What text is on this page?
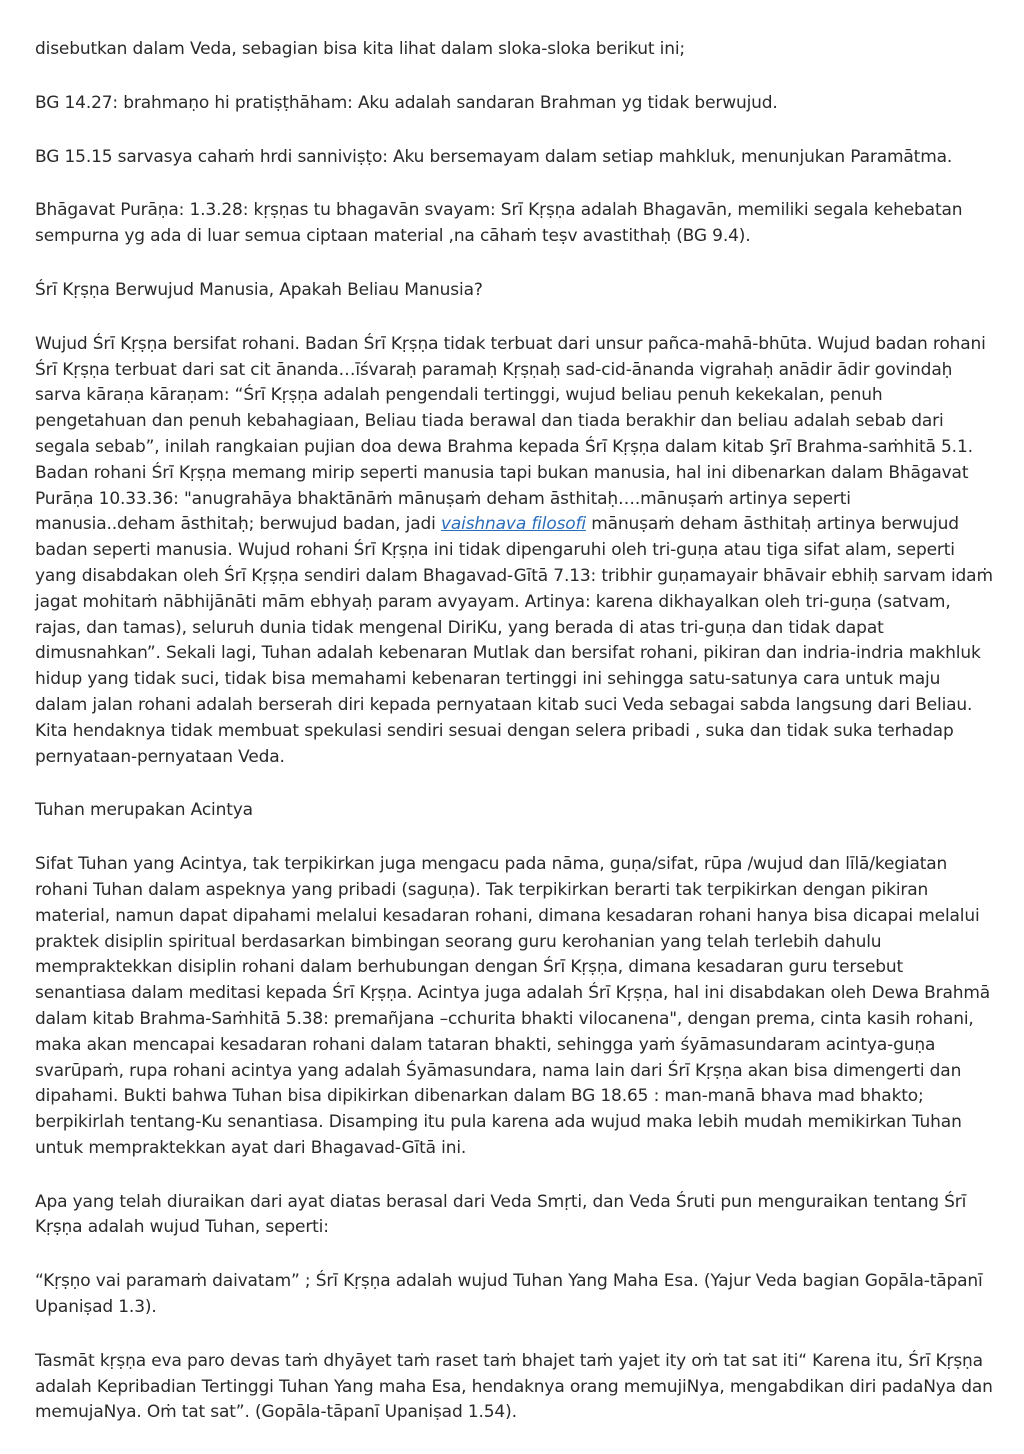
disebutkan dalam Veda, sebagian bisa kita lihat dalam sloka-sloka berikut ini;

BG 14.27: brahmaṇo hi pratiṣṭhāham: Aku adalah sandaran Brahman yg tidak berwujud.

BG 15.15 sarvasya cahaṁ hrdi sanniviṣṭo: Aku bersemayam dalam setiap mahkluk, menunjukan Paramātma.

Bhāgavat Purāṇa: 1.3.28: kṛṣṇas tu bhagavān svayam: Srī Kṛṣṇa adalah Bhagavān, memiliki segala kehebatan sempurna yg ada di luar semua ciptaan material ,na cāhaṁ teṣv avastithaḥ (BG 9.4).

Śrī Kṛṣṇa Berwujud Manusia, Apakah Beliau Manusia?

Wujud Śrī Kṛṣṇa bersifat rohani. Badan Śrī Kṛṣṇa tidak terbuat dari unsur pañca-mahā-bhūta. Wujud badan rohani Śrī Kṛṣṇa terbuat dari sat cit ānanda…īśvaraḥ paramaḥ Kṛṣṇaḥ sad-cid-ānanda vigrahaḥ anādir ādir govindaḥ sarva kāraṇa kāraṇam: “Śrī Kṛṣṇa adalah pengendali tertinggi, wujud beliau penuh kekekalan, penuh pengetahuan dan penuh kebahagiaan, Beliau tiada berawal dan tiada berakhir dan beliau adalah sebab dari segala sebab”, inilah rangkaian pujian doa dewa Brahma kepada Śrī Kṛṣṇa dalam kitab Şrī Brahma-saṁhitā 5.1. Badan rohani Śrī Kṛṣṇa memang mirip seperti manusia tapi bukan manusia, hal ini dibenarkan dalam Bhāgavat Purāṇa 10.33.36: "anugrahāya bhaktānāṁ mānuṣaṁ deham āsthitaḥ….mānuṣaṁ artinya seperti manusia..deham āsthitaḥ; berwujud badan, jadi vaishnava filosofi mānuṣaṁ deham āsthitaḥ artinya berwujud badan seperti manusia. Wujud rohani Śrī Kṛṣṇa ini tidak dipengaruhi oleh tri-guṇa atau tiga sifat alam, seperti yang disabdakan oleh Śrī Kṛṣṇa sendiri dalam Bhagavad-Gītā 7.13: tribhir guṇamayair bhāvair ebhiḥ sarvam idaṁ jagat mohitaṁ nābhijānāti mām ebhyaḥ param avyayam. Artinya: karena dikhayalkan oleh tri-guṇa (satvam, rajas, dan tamas), seluruh dunia tidak mengenal DiriKu, yang berada di atas tri-guṇa dan tidak dapat dimusnahkan”. Sekali lagi, Tuhan adalah kebenaran Mutlak dan bersifat rohani, pikiran dan indria-indria makhluk hidup yang tidak suci, tidak bisa memahami kebenaran tertinggi ini sehingga satu-satunya cara untuk maju dalam jalan rohani adalah berserah diri kepada pernyataan kitab suci Veda sebagai sabda langsung dari Beliau. Kita hendaknya tidak membuat spekulasi sendiri sesuai dengan selera pribadi , suka dan tidak suka terhadap pernyataan-pernyataan Veda.

Tuhan merupakan Acintya

Sifat Tuhan yang Acintya, tak terpikirkan juga mengacu pada nāma, guṇa/sifat, rūpa /wujud dan līlā/kegiatan rohani Tuhan dalam aspeknya yang pribadi (saguṇa). Tak terpikirkan berarti tak terpikirkan dengan pikiran material, namun dapat dipahami melalui kesadaran rohani, dimana kesadaran rohani hanya bisa dicapai melalui praktek disiplin spiritual berdasarkan bimbingan seorang guru kerohanian yang telah terlebih dahulu mempraktekkan disiplin rohani dalam berhubungan dengan Śrī Kṛṣṇa, dimana kesadaran guru tersebut senantiasa dalam meditasi kepada Śrī Kṛṣṇa. Acintya juga adalah Śrī Kṛṣṇa, hal ini disabdakan oleh Dewa Brahmā dalam kitab Brahma-Saṁhitā 5.38: premañjana –cchurita bhakti vilocanena", dengan prema, cinta kasih rohani, maka akan mencapai kesadaran rohani dalam tataran bhakti, sehingga yaṁ śyāmasundaram acintya-guṇa svarūpaṁ, rupa rohani acintya yang adalah Śyāmasundara, nama lain dari Śrī Kṛṣṇa akan bisa dimengerti dan dipahami. Bukti bahwa Tuhan bisa dipikirkan dibenarkan dalam BG 18.65 : man-manā bhava mad bhakto; berpikirlah tentang-Ku senantiasa. Disamping itu pula karena ada wujud maka lebih mudah memikirkan Tuhan untuk mempraktekkan ayat dari Bhagavad-Gītā ini.

Apa yang telah diuraikan dari ayat diatas berasal dari Veda Smṛti, dan Veda Śruti pun menguraikan tentang Śrī Kṛṣṇa adalah wujud Tuhan, seperti:

“Kṛṣṇo vai paramaṁ daivatam” ; Śrī Kṛṣṇa adalah wujud Tuhan Yang Maha Esa. (Yajur Veda bagian Gopāla-tāpanī Upaniṣad 1.3).

Tasmāt kṛṣṇa eva paro devas taṁ dhyāyet taṁ raset taṁ bhajet taṁ yajet ity oṁ tat sat iti“ Karena itu, Śrī Kṛṣṇa adalah Kepribadian Tertinggi Tuhan Yang maha Esa, hendaknya orang memujiNya, mengabdikan diri padaNya dan memujaNya. Oṁ tat sat”. (Gopāla-tāpanī Upaniṣad 1.54).
